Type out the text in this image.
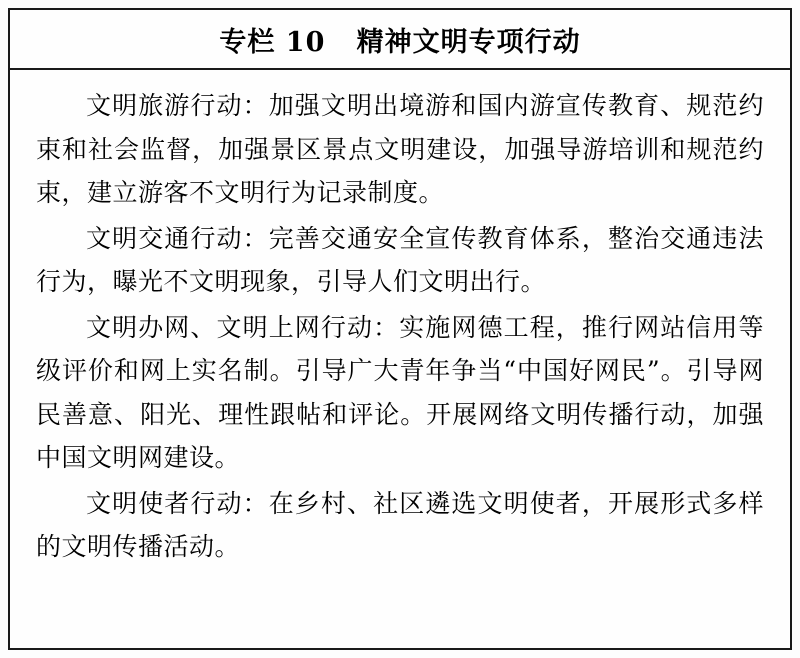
专栏 10   精神文明专项行动

文明旅游行动：加强文明出境游和国内游宣传教育、规范约束和社会监督，加强景区景点文明建设，加强导游培训和规范约束，建立游客不文明行为记录制度。

文明交通行动：完善交通安全宣传教育体系，整治交通违法行为，曝光不文明现象，引导人们文明出行。

文明办网、文明上网行动：实施网德工程，推行网站信用等级评价和网上实名制。引导广大青年争当“中国好网民”。引导网民善意、阳光、理性跟帖和评论。开展网络文明传播行动，加强中国文明网建设。

文明使者行动：在乡村、社区遴选文明使者，开展形式多样的文明传播活动。
